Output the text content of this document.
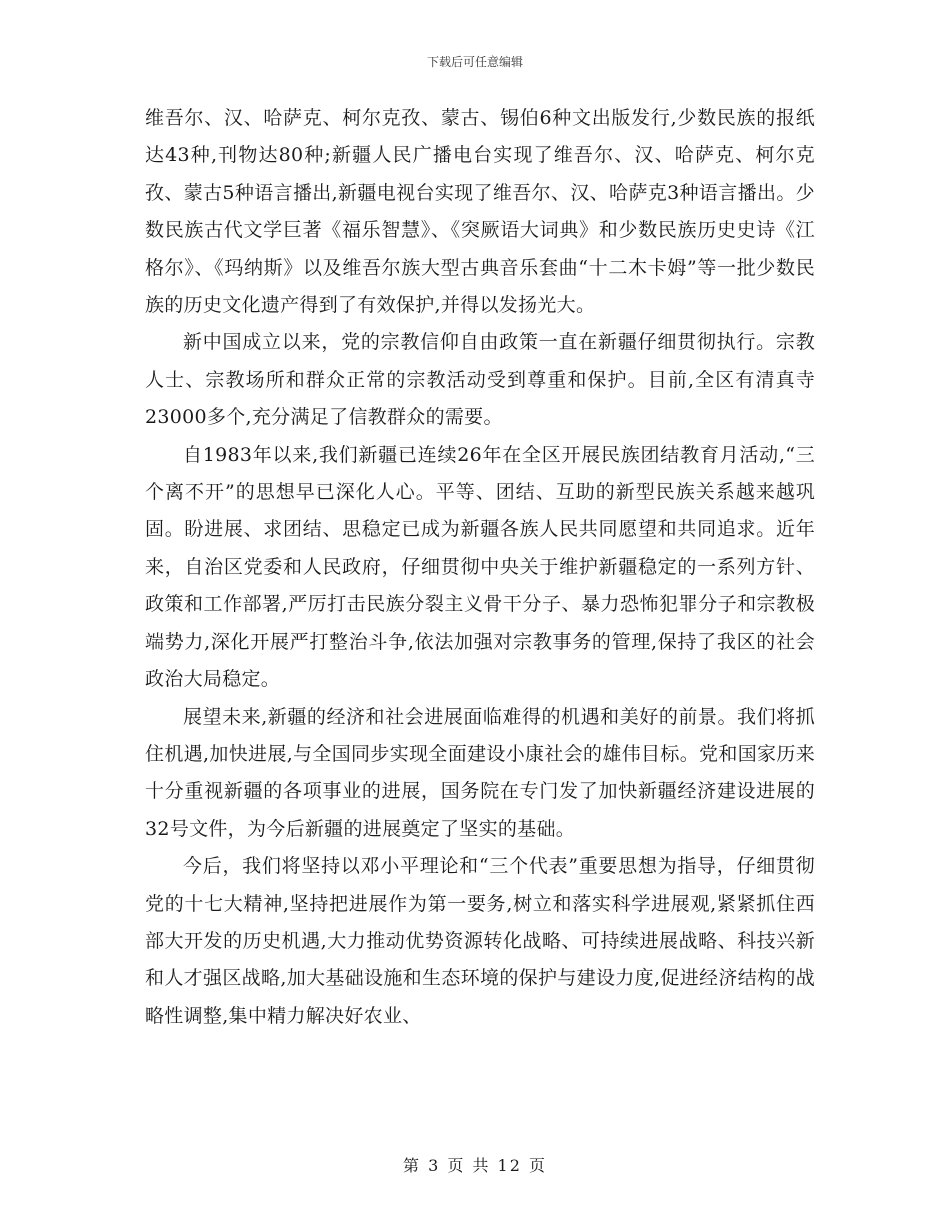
下载后可任意编辑

维吾尔、汉、哈萨克、柯尔克孜、蒙古、锡伯6种文出版发行,少数民族的报纸达43种,刊物达80种;新疆人民广播电台实现了维吾尔、汉、哈萨克、柯尔克孜、蒙古5种语言播出,新疆电视台实现了维吾尔、汉、哈萨克3种语言播出。少数民族古代文学巨著《福乐智慧》、《突厥语大词典》和少数民族历史史诗《江格尔》、《玛纳斯》以及维吾尔族大型古典音乐套曲“十二木卡姆”等一批少数民族的历史文化遗产得到了有效保护,并得以发扬光大。

新中国成立以来，党的宗教信仰自由政策一直在新疆仔细贯彻执行。宗教人士、宗教场所和群众正常的宗教活动受到尊重和保护。目前,全区有清真寺23000多个,充分满足了信教群众的需要。

自1983年以来,我们新疆已连续26年在全区开展民族团结教育月活动,“三个离不开”的思想早已深化人心。平等、团结、互助的新型民族关系越来越巩固。盼进展、求团结、思稳定已成为新疆各族人民共同愿望和共同追求。近年来，自治区党委和人民政府，仔细贯彻中央关于维护新疆稳定的一系列方针、政策和工作部署,严厉打击民族分裂主义骨干分子、暴力恐怖犯罪分子和宗教极端势力,深化开展严打整治斗争,依法加强对宗教事务的管理,保持了我区的社会政治大局稳定。

展望未来,新疆的经济和社会进展面临难得的机遇和美好的前景。我们将抓住机遇,加快进展,与全国同步实现全面建设小康社会的雄伟目标。党和国家历来十分重视新疆的各项事业的进展，国务院在专门发了加快新疆经济建设进展的32号文件，为今后新疆的进展奠定了坚实的基础。

今后，我们将坚持以邓小平理论和“三个代表”重要思想为指导，仔细贯彻党的十七大精神,坚持把进展作为第一要务,树立和落实科学进展观,紧紧抓住西部大开发的历史机遇,大力推动优势资源转化战略、可持续进展战略、科技兴新和人才强区战略,加大基础设施和生态环境的保护与建设力度,促进经济结构的战略性调整,集中精力解决好农业、

第 3 页 共 12 页
